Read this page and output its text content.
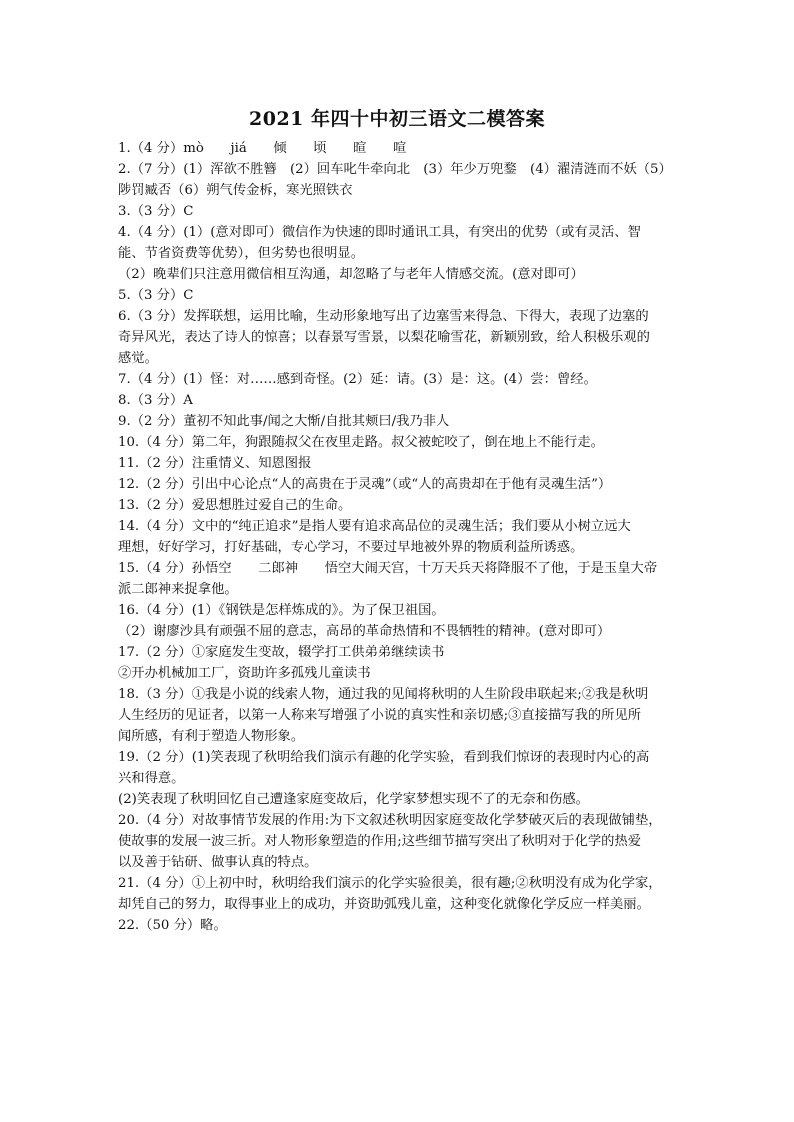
2021 年四十中初三语文二模答案
1.（4 分）mò　　jiá　　倾　　顷　　暄　　喧
2.（7 分）(1）浑欲不胜簪　(2）回车叱牛牵向北　(3）年少万兜鍪　(4）濯清涟而不妖（5）
陟罚臧否（6）朔气传金柝，寒光照铁衣
3.（3 分）C
4.（4 分）(1）(意对即可）微信作为快速的即时通讯工具，有突出的优势（或有灵活、智
能、节省资费等优势），但劣势也很明显。
（2）晚辈们只注意用微信相互沟通，却忽略了与老年人情感交流。(意对即可）
5.（3 分）C
6.（3 分）发挥联想，运用比喻，生动形象地写出了边塞雪来得急、下得大，表现了边塞的
奇异风光，表达了诗人的惊喜；以春景写雪景，以梨花喻雪花，新颖别致，给人积极乐观的
感觉。
7.（4 分）(1）怪：对……感到奇怪。(2）延：请。(3）是：这。(4）尝：曾经。
8.（3 分）A
9.（2 分）董初不知此事/闻之大惭/自批其颊曰/我乃非人
10.（4 分）第二年，狗跟随叔父在夜里走路。叔父被蛇咬了，倒在地上不能行走。
11.（2 分）注重情义、知恩图报
12.（2 分）引出中心论点“人的高贵在于灵魂”（或“人的高贵却在于他有灵魂生活”）
13.（2 分）爱思想胜过爱自己的生命。
14.（4 分）文中的“纯正追求”是指人要有追求高品位的灵魂生活；我们要从小树立远大
理想，好好学习，打好基础，专心学习，不要过早地被外界的物质利益所诱惑。
15.（4 分）孙悟空　　二郎神　　悟空大闹天宫，十万天兵天将降服不了他，于是玉皇大帝
派二郎神来捉拿他。
16.（4 分）(1）《钢铁是怎样炼成的》。为了保卫祖国。
（2）谢廖沙具有顽强不屈的意志，高昂的革命热情和不畏牺牲的精神。(意对即可）
17.（2 分）①家庭发生变故，辍学打工供弟弟继续读书
②开办机械加工厂，资助许多孤残儿童读书
18.（3 分）①我是小说的线索人物，通过我的见闻将秋明的人生阶段串联起来;②我是秋明
人生经历的见证者，以第一人称来写增强了小说的真实性和亲切感;③直接描写我的所见所
闻所感，有利于塑造人物形象。
19.（2 分）(1)笑表现了秋明给我们演示有趣的化学实验，看到我们惊讶的表现时内心的高
兴和得意。
(2)笑表现了秋明回忆自己遭逢家庭变故后，化学家梦想实现不了的无奈和伤感。
20.（4 分）对故事情节发展的作用:为下文叙述秋明因家庭变故化学梦破灭后的表现做铺垫，
使故事的发展一波三折。对人物形象塑造的作用;这些细节描写突出了秋明对于化学的热爱
以及善于钻研、做事认真的特点。
21.（4 分）①上初中时，秋明给我们演示的化学实验很美，很有趣;②秋明没有成为化学家，
却凭自己的努力，取得事业上的成功，并资助弧残儿童，这种变化就像化学反应一样美丽。
22.（50 分）略。
